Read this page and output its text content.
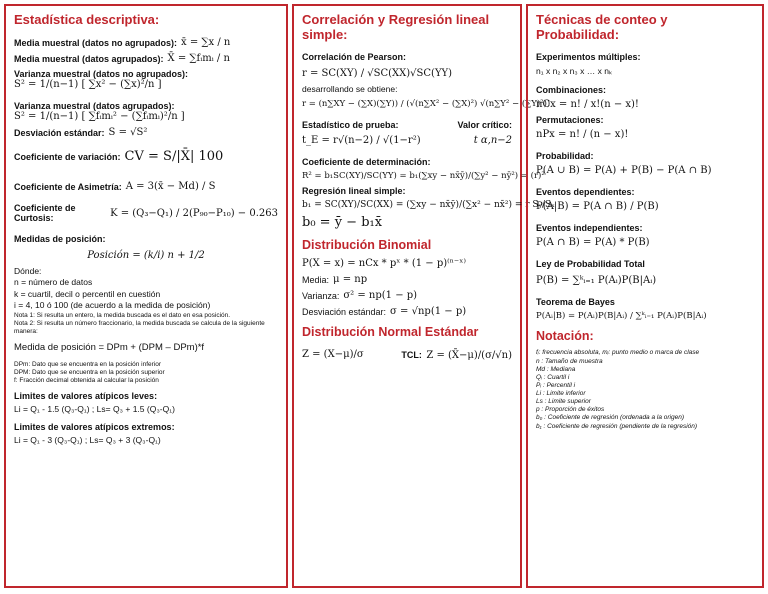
Estadística descriptiva:
Media muestral (datos no agrupados): x̄ = ∑x / n
Media muestral (datos agrupados): X̄ = ∑fᵢmᵢ / n
Varianza muestral (datos no agrupados):
S² = 1/(n−1) [ ∑x² − (∑x)²/n ]
Varianza muestral (datos agrupados):
S² = 1/(n−1) [ ∑fᵢmᵢ² − (∑fᵢmᵢ)²/n ]
Desviación estándar: S = √S²
Coeficiente de variación: CV = S/|X̄| 100
Coeficiente de Asimetría: A = 3(x̄ − Md) / S
Coeficiente de Curtosis:	K = (Q₃−Q₁) / 2(P₉₀−P₁₀) − 0.263
Medidas de posición:
Posición = (k/i) n + 1/2
Dónde:
n = número de datos
k = cuartil, decil o percentil en cuestión
i = 4, 10 ó 100 (de acuerdo a la medida de posición)
Nota 1: Si resulta un entero, la medida buscada es el dato en esa posición.
Nota 2: Si resulta un número fraccionario, la medida buscada se calcula de la siguiente manera:
Medida de posición = DPm + (DPM – DPm)*f
DPm: Dato que se encuentra en la posición inferior
DPM: Dato que se encuentra en la posición superior
f: Fracción decimal obtenida al calcular la posición
Limites de valores atípicos leves:
Li = Q₁ - 1.5 (Q₃-Q₁) ; Ls= Q₃ + 1.5 (Q₃-Q₁)
Limites de valores atípicos extremos:
Li = Q₁ - 3 (Q₃-Q₁) ; Ls= Q₃ + 3 (Q₃-Q₁)
Correlación y Regresión lineal simple:
Correlación de Pearson:
r = SC(XY) / √SC(XX)√SC(YY)
desarrollando se obtiene:
r = (n∑XY − (∑X)(∑Y)) / (√(n∑X² − (∑X)²) √(n∑Y² − (∑Y)²))
Estadístico de prueba:	Valor crítico:
t_E = r√(n−2) / √(1−r²)	t α,n−2
Coeficiente de determinación:
R² = b₁SC(XY)/SC(YY) = b₁(∑xy − nx̄ȳ)/(∑y² − nȳ²) = (r)²
Regresión lineal simple:
b₁ = SC(XY)/SC(XX) = (∑xy − nx̄ȳ)/(∑x² − nx̄²) = r Sᵧ/Sₓ
b₀ = ȳ − b₁x̄
Distribución Binomial
P(X = x) = nCx * pˣ * (1 − p)⁽ⁿ⁻ˣ⁾
Media: μ = np
Varianza: σ² = np(1 − p)
Desviación estándar: σ = √np(1 − p)
Distribución Normal Estándar
Z = (X−μ)/σ	TCL: Z = (X̄−μ)/(σ/√n)
Técnicas de conteo y Probabilidad:
Experimentos múltiples:
n₁ x n₂ x n₃ x … x nₖ
Combinaciones:
nCx = n! / x!(n − x)!
Permutaciones:
nPx = n! / (n − x)!
Probabilidad:
P(A ∪ B) = P(A) + P(B) − P(A ∩ B)
Eventos dependientes:
P(A|B) = P(A ∩ B) / P(B)
Eventos independientes:
P(A ∩ B) = P(A) * P(B)
Ley de Probabilidad Total
P(B) = ∑ᵏᵢ₌₁ P(Aᵢ)P(B|Aᵢ)
Teorema de Bayes
P(Aᵢ|B) = P(Aᵢ)P(B|Aᵢ) / ∑ᵏᵢ₌₁ P(Aᵢ)P(B|Aᵢ)
Notación:
fᵢ: frecuencia absoluta, mᵢ: punto medio o marca de clase
n : Tamaño de muestra
Md : Mediana
Qᵢ : Cuartil i
Pᵢ : Percentil i
Li : Limite inferior
Ls : Limite superior
p : Proporción de éxitos
b₀ : Coeficiente de regresión (ordenada a la origen)
b₁ : Coeficiente de regresión (pendiente de la regresión)
